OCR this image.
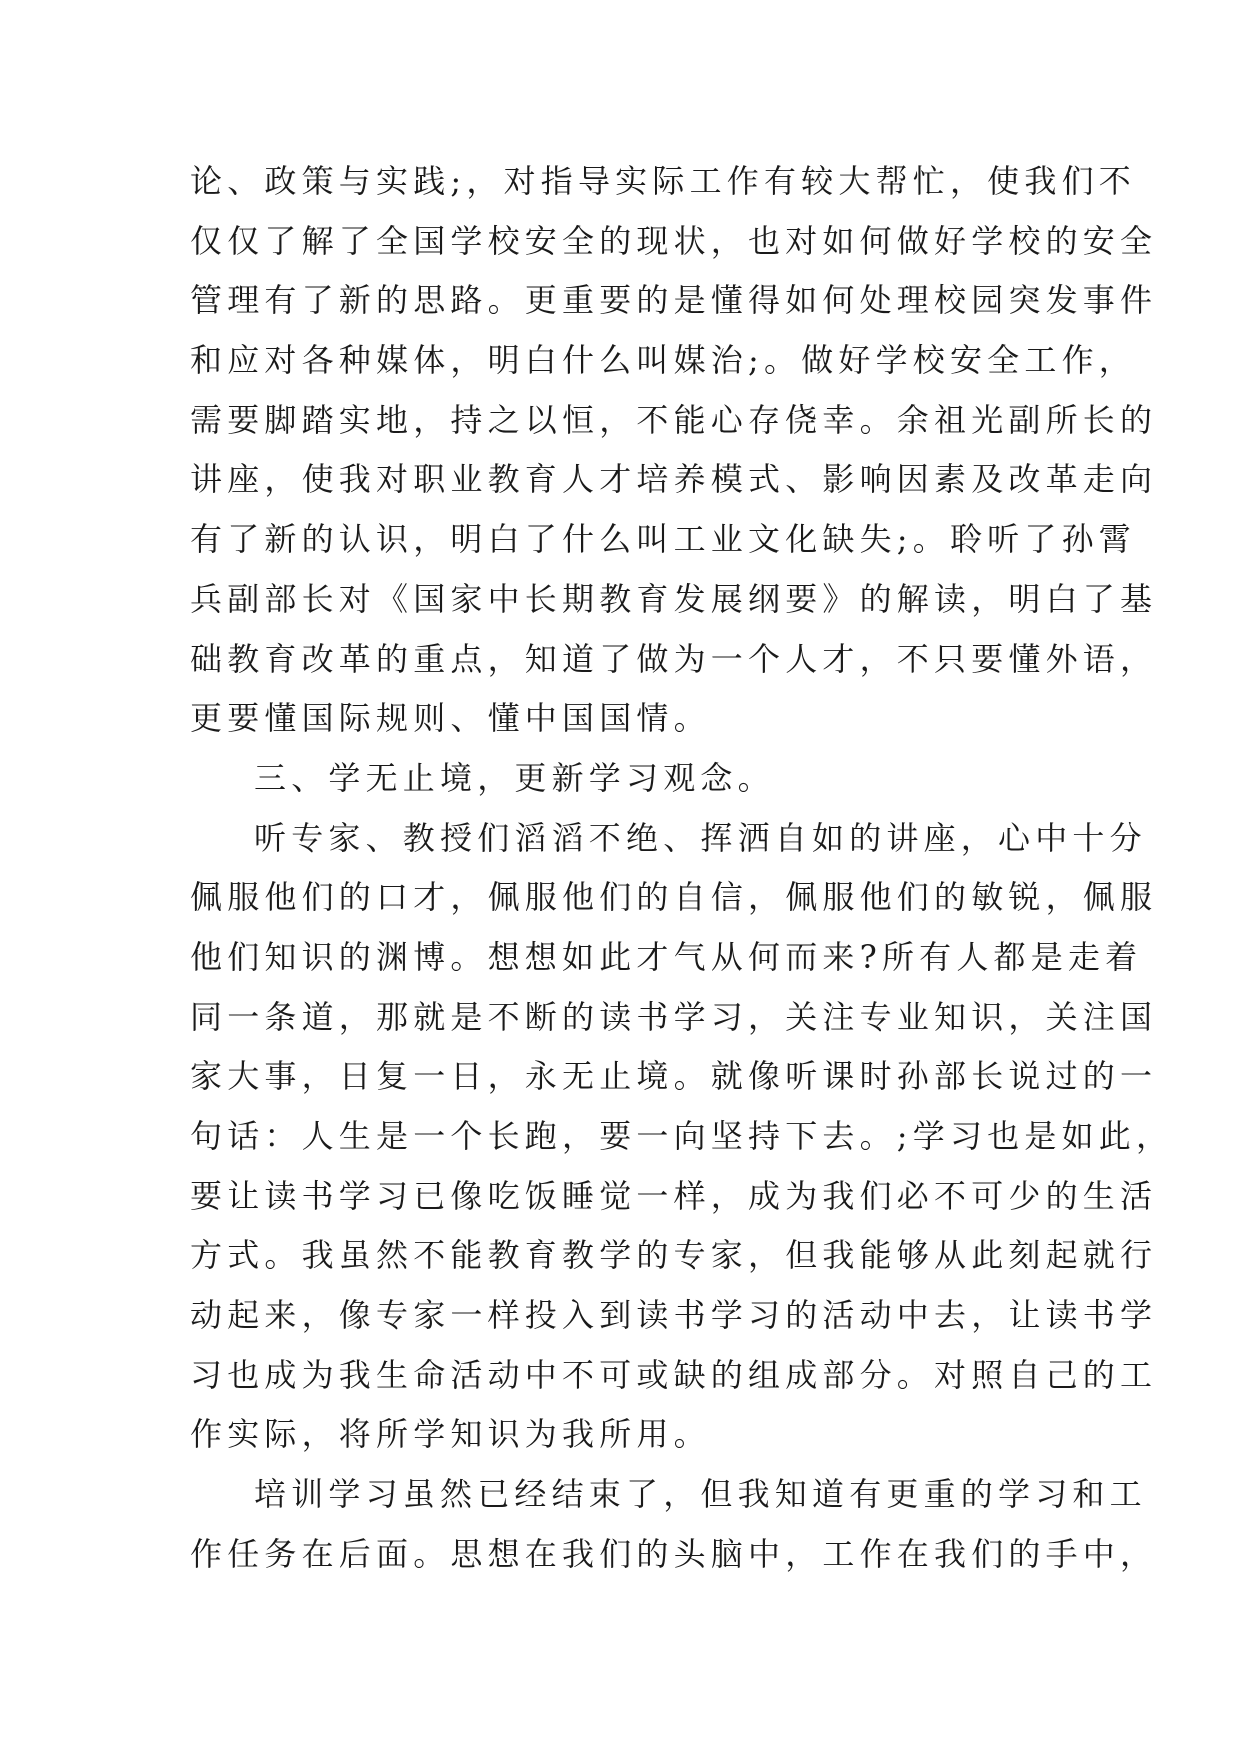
论、政策与实践;，对指导实际工作有较大帮忙，使我们不
仅仅了解了全国学校安全的现状，也对如何做好学校的安全
管理有了新的思路。更重要的是懂得如何处理校园突发事件
和应对各种媒体，明白什么叫媒治;。做好学校安全工作，
需要脚踏实地，持之以恒，不能心存侥幸。余祖光副所长的
讲座，使我对职业教育人才培养模式、影响因素及改革走向
有了新的认识，明白了什么叫工业文化缺失;。聆听了孙霄
兵副部长对《国家中长期教育发展纲要》的解读，明白了基
础教育改革的重点，知道了做为一个人才，不只要懂外语，
更要懂国际规则、懂中国国情。
三、学无止境，更新学习观念。
听专家、教授们滔滔不绝、挥洒自如的讲座，心中十分
佩服他们的口才，佩服他们的自信，佩服他们的敏锐，佩服
他们知识的渊博。想想如此才气从何而来?所有人都是走着
同一条道，那就是不断的读书学习，关注专业知识，关注国
家大事，日复一日，永无止境。就像听课时孙部长说过的一
句话：人生是一个长跑，要一向坚持下去。;学习也是如此，
要让读书学习已像吃饭睡觉一样，成为我们必不可少的生活
方式。我虽然不能教育教学的专家，但我能够从此刻起就行
动起来，像专家一样投入到读书学习的活动中去，让读书学
习也成为我生命活动中不可或缺的组成部分。对照自己的工
作实际，将所学知识为我所用。
培训学习虽然已经结束了，但我知道有更重的学习和工
作任务在后面。思想在我们的头脑中，工作在我们的手中，
